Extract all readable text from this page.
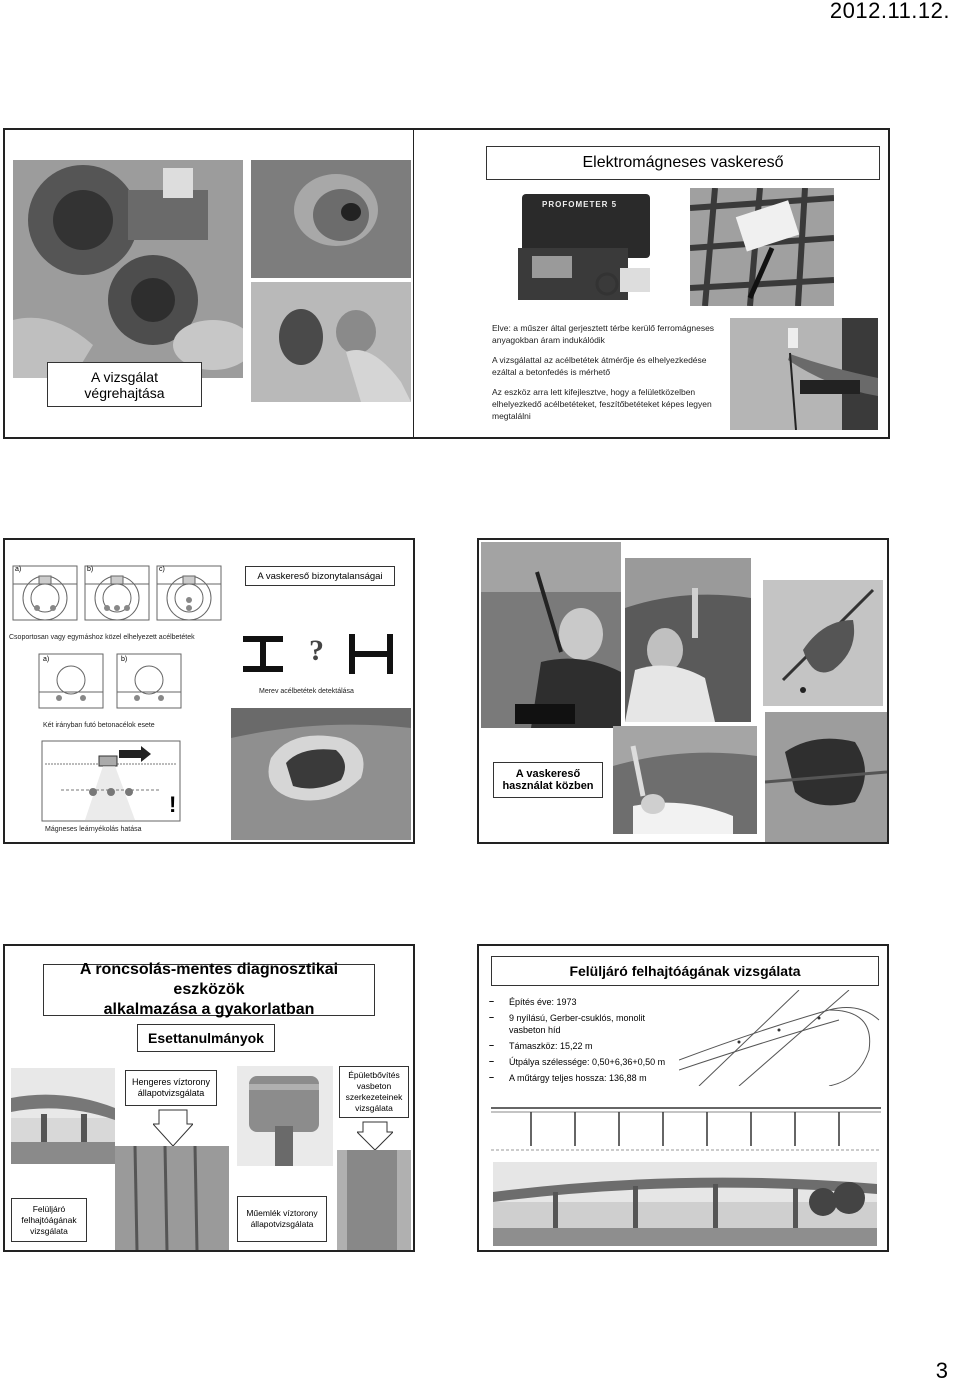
2012.11.12.
Elektromágneses vaskereső
PROFOMETER 5
Elve: a műszer által gerjesztett térbe kerülő ferromágneses anyagokban áram indukálódik
A vizsgálattal az acélbetétek átmérője és elhelyezkedése ezáltal a betonfedés is mérhető
Az eszköz arra lett kifejlesztve, hogy a felületközelben elhelyezkedő acélbetéteket, feszítőbetéteket képes legyen megtalálni
A vizsgálat
végrehajtása
a)	b)	c)
A vaskereső bizonytalanságai
Csoportosan vagy egymáshoz közel elhelyezett acélbetétek	?
a)	b)
Merev acélbetétek detektálása
Két irányban futó betonacélok esete
!
Mágneses leárnyékolás hatása
A vaskereső
használat közben
A roncsolás-mentes diagnosztikai eszközök
alkalmazása a gyakorlatban
Esettanulmányok
Hengeres víztorony állapotvizsgálata
Épületbővítés vasbeton szerkezeteinek vizsgálata
Felüljáró felhajtóágának vizsgálata
Műemlék víztorony állapotvizsgálata
Felüljáró felhajtóágának vizsgálata
– Építés éve: 1973
– 9 nyílású, Gerber-csuklós, monolit vasbeton híd
– Támaszköz: 15,22 m
– Útpálya szélessége: 0,50+6,36+0,50 m
– A műtárgy teljes hossza: 136,88 m
3
